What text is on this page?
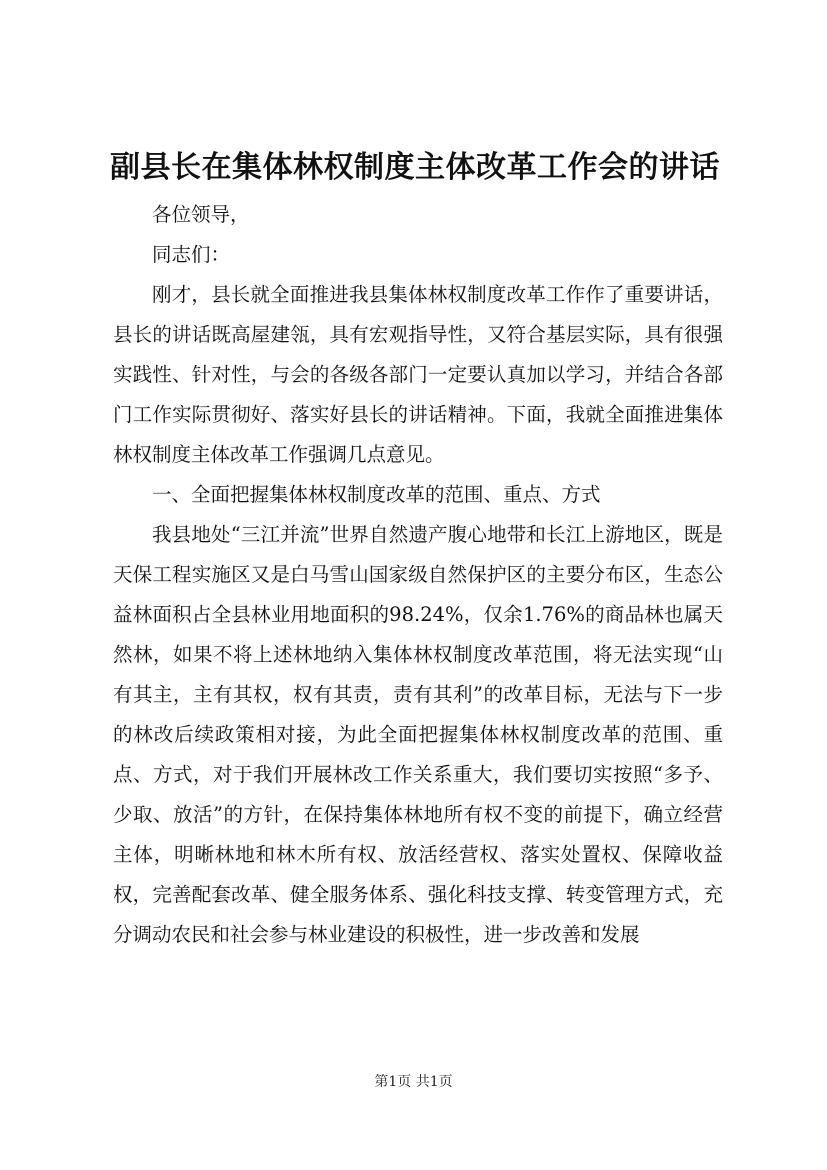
副县长在集体林权制度主体改革工作会的讲话

各位领导，

同志们：

刚才，县长就全面推进我县集体林权制度改革工作作了重要讲话，县长的讲话既高屋建瓴，具有宏观指导性，又符合基层实际，具有很强实践性、针对性，与会的各级各部门一定要认真加以学习，并结合各部门工作实际贯彻好、落实好县长的讲话精神。下面，我就全面推进集体林权制度主体改革工作强调几点意见。

一、全面把握集体林权制度改革的范围、重点、方式

我县地处“三江并流”世界自然遗产腹心地带和长江上游地区，既是天保工程实施区又是白马雪山国家级自然保护区的主要分布区，生态公益林面积占全县林业用地面积的98.24%，仅余1.76%的商品林也属天然林，如果不将上述林地纳入集体林权制度改革范围，将无法实现“山有其主，主有其权，权有其责，责有其利”的改革目标，无法与下一步的林改后续政策相对接，为此全面把握集体林权制度改革的范围、重点、方式，对于我们开展林改工作关系重大，我们要切实按照“多予、少取、放活”的方针，在保持集体林地所有权不变的前提下，确立经营主体，明晰林地和林木所有权、放活经营权、落实处置权、保障收益权，完善配套改革、健全服务体系、强化科技支撑、转变管理方式，充分调动农民和社会参与林业建设的积极性，进一步改善和发展

第1页 共1页
